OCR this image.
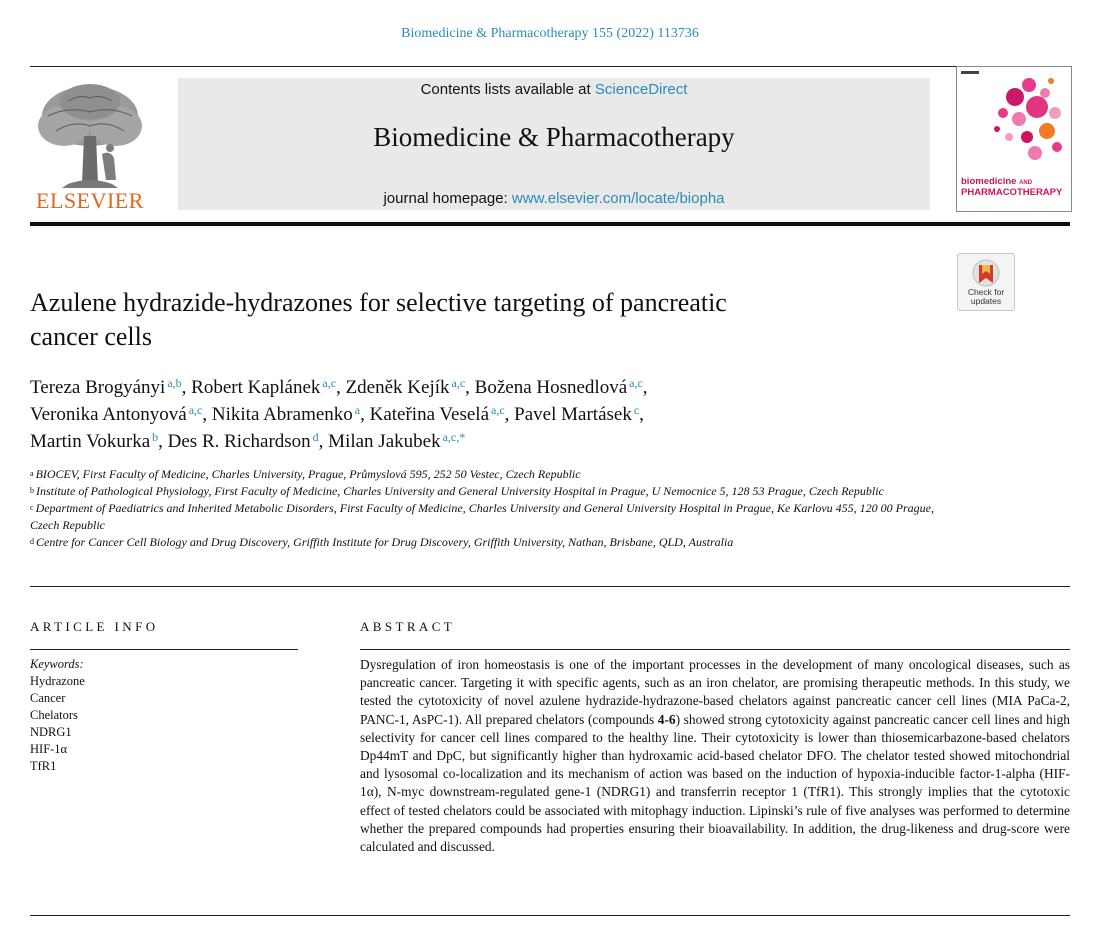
Biomedicine & Pharmacotherapy 155 (2022) 113736
ELSEVIER
Contents lists available at ScienceDirect
Biomedicine & Pharmacotherapy
journal homepage: www.elsevier.com/locate/biopha
biomedicine AND
PHARMACOTHERAPY
Check for
updates
Azulene hydrazide-hydrazones for selective targeting of pancreatic
cancer cells
Tereza Brogyányi $^{a,b}$, Robert Kaplánek $^{a,c}$, Zdeněk Kejík $^{a,c}$, Božena Hosnedlová $^{a,c}$,
Veronika Antonyová $^{a,c}$, Nikita Abramenko $^a$, Kateřina Veselá $^{a,c}$, Pavel Martásek $^c$,
Martin Vokurka $^b$, Des R. Richardson $^d$, Milan Jakubek $^{a,c,*}$
$^a$ BIOCEV, First Faculty of Medicine, Charles University, Prague, Průmyslová 595, 252 50 Vestec, Czech Republic
$^b$ Institute of Pathological Physiology, First Faculty of Medicine, Charles University and General University Hospital in Prague, U Nemocnice 5, 128 53 Prague, Czech Republic
$^c$ Department of Paediatrics and Inherited Metabolic Disorders, First Faculty of Medicine, Charles University and General University Hospital in Prague, Ke Karlovu 455, 120 00 Prague, Czech Republic
$^d$ Centre for Cancer Cell Biology and Drug Discovery, Griffith Institute for Drug Discovery, Griffith University, Nathan, Brisbane, QLD, Australia
ARTICLE INFO
Keywords:
Hydrazone
Cancer
Chelators
NDRG1
HIF-1α
TfR1
ABSTRACT
Dysregulation of iron homeostasis is one of the important processes in the development of many oncological diseases, such as pancreatic cancer. Targeting it with specific agents, such as an iron chelator, are promising therapeutic methods. In this study, we tested the cytotoxicity of novel azulene hydrazide-hydrazone-based chelators against pancreatic cancer cell lines (MIA PaCa-2, PANC-1, AsPC-1). All prepared chelators (compounds 4-6) showed strong cytotoxicity against pancreatic cancer cell lines and high selectivity for cancer cell lines compared to the healthy line. Their cytotoxicity is lower than thiosemicarbazone-based chelators Dp44mT and DpC, but significantly higher than hydroxamic acid-based chelator DFO. The chelator tested showed mitochondrial and lysosomal co-localization and its mechanism of action was based on the induction of hypoxia-inducible factor-1-alpha (HIF-1α), N-myc downstream-regulated gene-1 (NDRG1) and transferrin receptor 1 (TfR1). This strongly implies that the cytotoxic effect of tested chelators could be associated with mitophagy induction. Lipinski’s rule of five analyses was performed to determine whether the prepared compounds had properties ensuring their bioavailability. In addition, the drug-likeness and drug-score were calculated and discussed.
